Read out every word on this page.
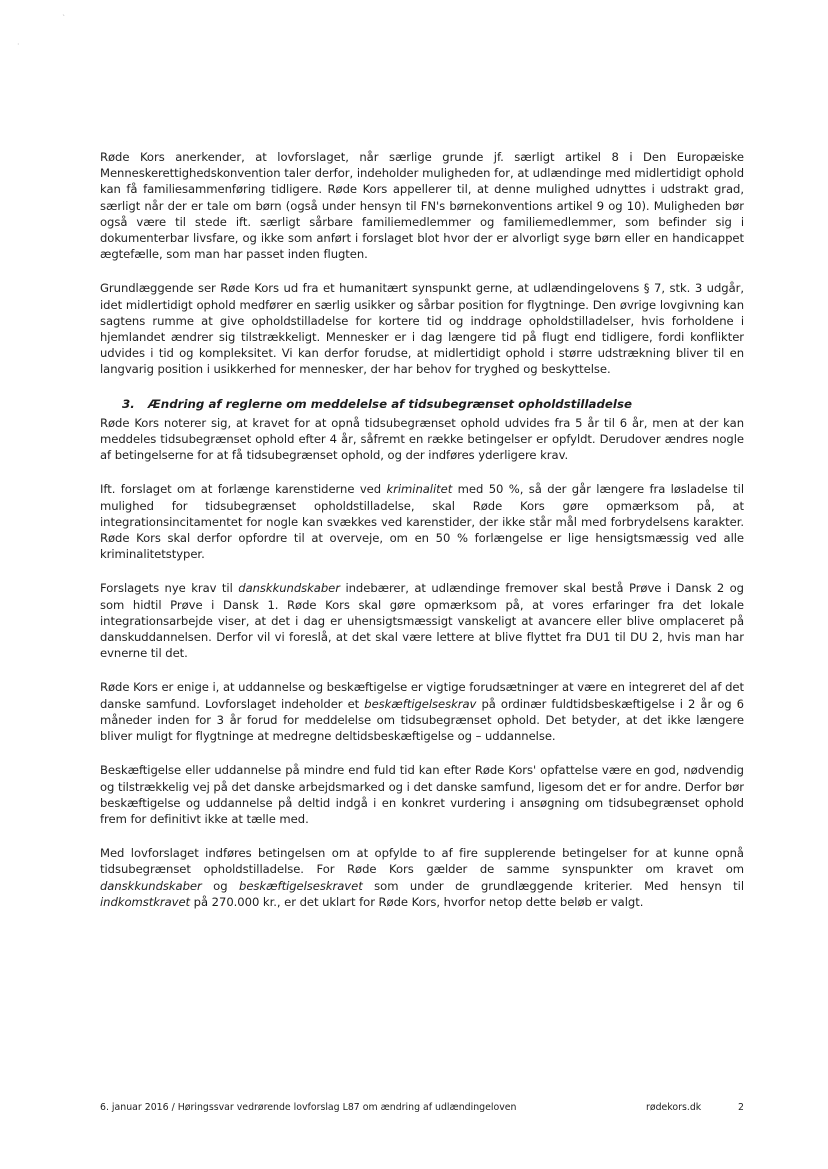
ˋ
·

Røde Kors anerkender, at lovforslaget, når særlige grunde jf. særligt artikel 8 i Den Europæiske Menneskerettighedskonvention taler derfor, indeholder muligheden for, at udlændinge med midlertidigt ophold kan få familiesammenføring tidligere. Røde Kors appellerer til, at denne mulighed udnyttes i udstrakt grad, særligt når der er tale om børn (også under hensyn til FN's børnekonventions artikel 9 og 10). Muligheden bør også være til stede ift. særligt sårbare familiemedlemmer og familiemedlemmer, som befinder sig i dokumenterbar livsfare, og ikke som anført i forslaget blot hvor der er alvorligt syge børn eller en handicappet ægtefælle, som man har passet inden flugten.

Grundlæggende ser Røde Kors ud fra et humanitært synspunkt gerne, at udlændingelovens § 7, stk. 3 udgår, idet midlertidigt ophold medfører en særlig usikker og sårbar position for flygtninge. Den øvrige lovgivning kan sagtens rumme at give opholdstilladelse for kortere tid og inddrage opholdstilladelser, hvis forholdene i hjemlandet ændrer sig tilstrækkeligt. Mennesker er i dag længere tid på flugt end tidligere, fordi konflikter udvides i tid og kompleksitet. Vi kan derfor forudse, at midlertidigt ophold i større udstrækning bliver til en langvarig position i usikkerhed for mennesker, der har behov for tryghed og beskyttelse.

3. Ændring af reglerne om meddelelse af tidsubegrænset opholdstilladelse

Røde Kors noterer sig, at kravet for at opnå tidsubegrænset ophold udvides fra 5 år til 6 år, men at der kan meddeles tidsubegrænset ophold efter 4 år, såfremt en række betingelser er opfyldt. Derudover ændres nogle af betingelserne for at få tidsubegrænset ophold, og der indføres yderligere krav.

Ift. forslaget om at forlænge karenstiderne ved kriminalitet med 50 %, så der går længere fra løsladelse til mulighed for tidsubegrænset opholdstilladelse, skal Røde Kors gøre opmærksom på, at integrationsincitamentet for nogle kan svækkes ved karenstider, der ikke står mål med forbrydelsens karakter. Røde Kors skal derfor opfordre til at overveje, om en 50 % forlængelse er lige hensigtsmæssig ved alle kriminalitetstyper.

Forslagets nye krav til danskkundskaber indebærer, at udlændinge fremover skal bestå Prøve i Dansk 2 og som hidtil Prøve i Dansk 1. Røde Kors skal gøre opmærksom på, at vores erfaringer fra det lokale integrationsarbejde viser, at det i dag er uhensigtsmæssigt vanskeligt at avancere eller blive omplaceret på danskuddannelsen. Derfor vil vi foreslå, at det skal være lettere at blive flyttet fra DU1 til DU 2, hvis man har evnerne til det.

Røde Kors er enige i, at uddannelse og beskæftigelse er vigtige forudsætninger at være en integreret del af det danske samfund. Lovforslaget indeholder et beskæftigelseskrav på ordinær fuldtidsbeskæftigelse i 2 år og 6 måneder inden for 3 år forud for meddelelse om tidsubegrænset ophold. Det betyder, at det ikke længere bliver muligt for flygtninge at medregne deltidsbeskæftigelse og – uddannelse.

Beskæftigelse eller uddannelse på mindre end fuld tid kan efter Røde Kors' opfattelse være en god, nødvendig og tilstrækkelig vej på det danske arbejdsmarked og i det danske samfund, ligesom det er for andre. Derfor bør beskæftigelse og uddannelse på deltid indgå i en konkret vurdering i ansøgning om tidsubegrænset ophold frem for definitivt ikke at tælle med.

Med lovforslaget indføres betingelsen om at opfylde to af fire supplerende betingelser for at kunne opnå tidsubegrænset opholdstilladelse. For Røde Kors gælder de samme synspunkter om kravet om danskkundskaber og beskæftigelseskravet som under de grundlæggende kriterier. Med hensyn til indkomstkravet på 270.000 kr., er det uklart for Røde Kors, hvorfor netop dette beløb er valgt.

6. januar 2016 / Høringssvar vedrørende lovforslag L87 om ændring af udlændingeloven	rødekors.dk	2
